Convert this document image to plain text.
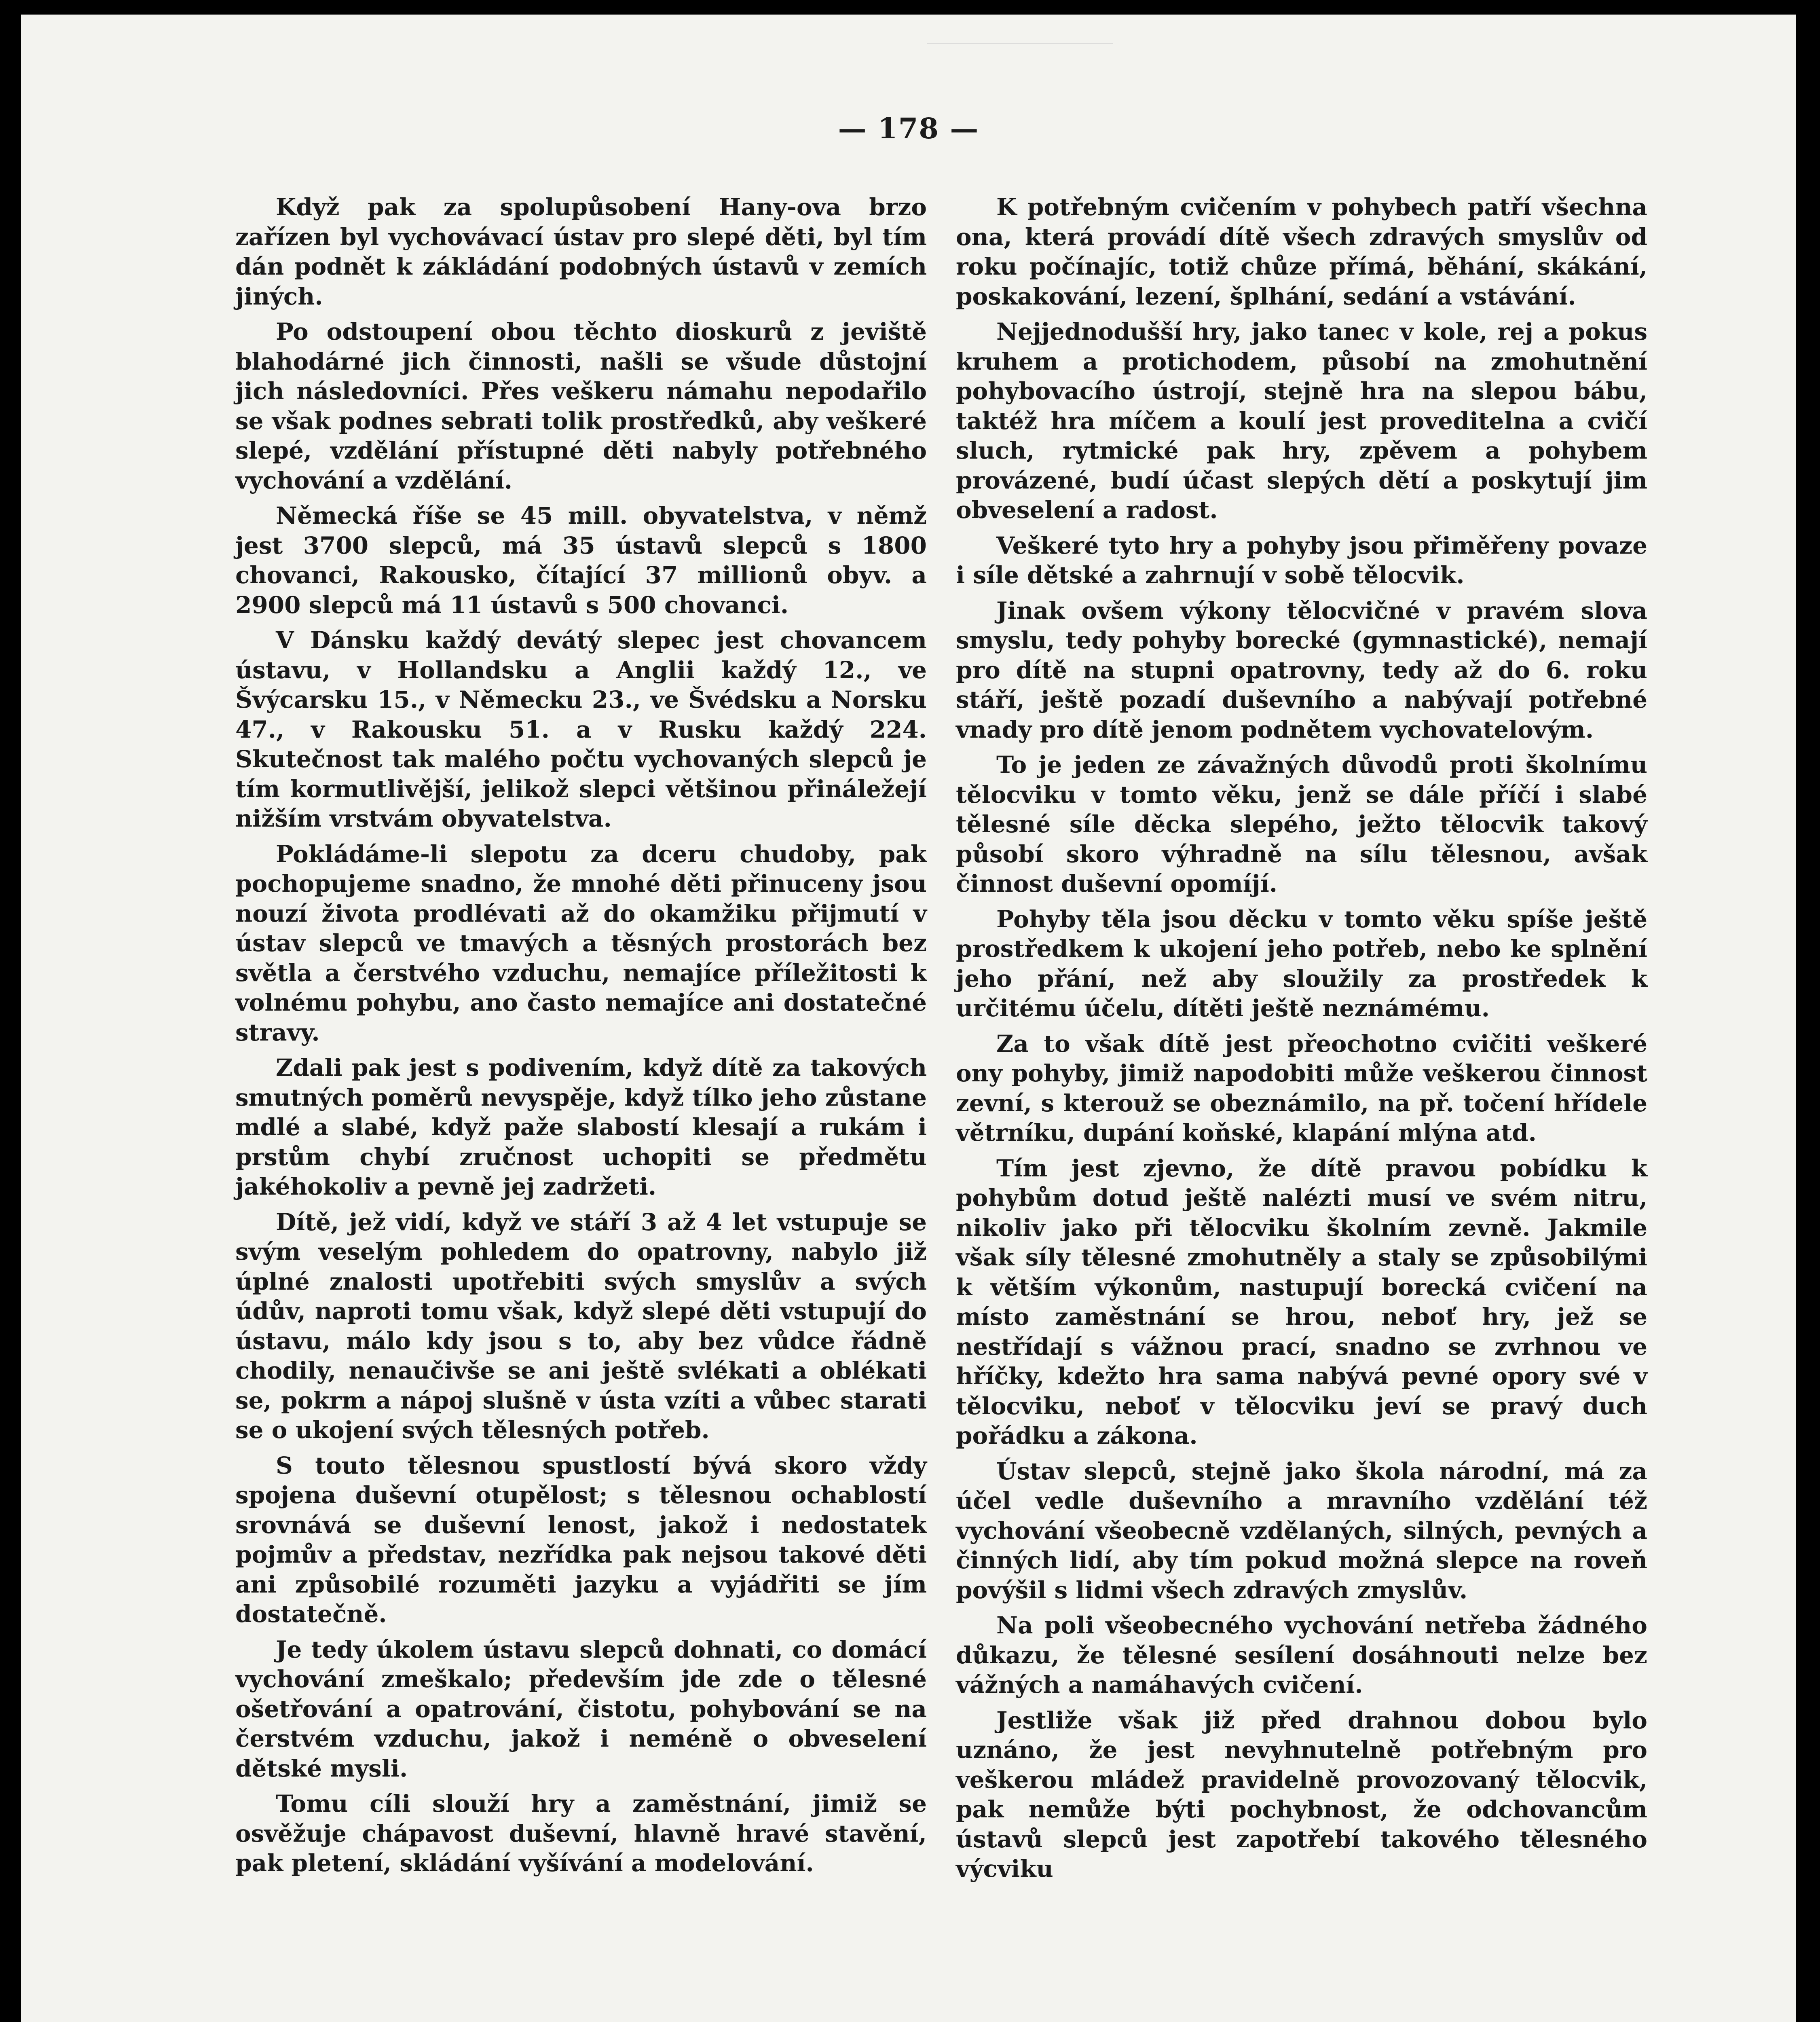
— 178 —

Když pak za spolupůsobení Hany-ova brzo zařízen byl vychovávací ústav pro slepé děti, byl tím dán podnět k zákládání podobných ústavů v zemích jiných.

Po odstoupení obou těchto dioskurů z jeviště blahodárné jich činnosti, našli se všude důstojní jich následovníci. Přes veškeru námahu nepodařilo se však podnes sebrati tolik prostředků, aby veškeré slepé, vzdělání přístupné děti nabyly potřebného vychování a vzdělání.

Německá říše se 45 mill. obyvatelstva, v němž jest 3700 slepců, má 35 ústavů slepců s 1800 chovanci, Rakousko, čítající 37 millionů obyv. a 2900 slepců má 11 ústavů s 500 chovanci.

V Dánsku každý devátý slepec jest chovancem ústavu, v Hollandsku a Anglii každý 12., ve Švýcarsku 15., v Německu 23., ve Švédsku a Norsku 47., v Rakousku 51. a v Rusku každý 224. Skutečnost tak malého počtu vychovaných slepců je tím kormutlivější, jelikož slepci většinou přináležejí nižším vrstvám obyvatelstva.

Pokládáme-li slepotu za dceru chudoby, pak pochopujeme snadno, že mnohé děti přinuceny jsou nouzí života prodlévati až do okamžiku přijmutí v ústav slepců ve tmavých a těsných prostorách bez světla a čerstvého vzduchu, nemajíce příležitosti k volnému pohybu, ano často nemajíce ani dostatečné stravy.

Zdali pak jest s podivením, když dítě za takových smutných poměrů nevyspěje, když tílko jeho zůstane mdlé a slabé, když paže slabostí klesají a rukám i prstům chybí zručnost uchopiti se předmětu jakéhokoliv a pevně jej zadržeti.

Dítě, jež vidí, když ve stáří 3 až 4 let vstupuje se svým veselým pohledem do opatrovny, nabylo již úplné znalosti upotřebiti svých smyslův a svých údův, naproti tomu však, když slepé děti vstupují do ústavu, málo kdy jsou s to, aby bez vůdce řádně chodily, nenaučivše se ani ještě svlékati a oblékati se, pokrm a nápoj slušně v ústa vzíti a vůbec starati se o ukojení svých tělesných potřeb.

S touto tělesnou spustlostí bývá skoro vždy spojena duševní otupělost; s tělesnou ochablostí srovnává se duševní lenost, jakož i nedostatek pojmův a představ, nezřídka pak nejsou takové děti ani způsobilé rozuměti jazyku a vyjádřiti se jím dostatečně.

Je tedy úkolem ústavu slepců dohnati, co domácí vychování zmeškalo; především jde zde o tělesné ošetřování a opatrování, čistotu, pohybování se na čerstvém vzduchu, jakož i neméně o obveselení dětské mysli.

Tomu cíli slouží hry a zaměstnání, jimiž se osvěžuje chápavost duševní, hlavně hravé stavění, pak pletení, skládání vyšívání a modelování.

K potřebným cvičením v pohybech patří všechna ona, která provádí dítě všech zdravých smyslův od roku počínajíc, totiž chůze přímá, běhání, skákání, poskakování, lezení, šplhání, sedání a vstávání.

Nejjednodušší hry, jako tanec v kole, rej a pokus kruhem a protichodem, působí na zmohutnění pohybovacího ústrojí, stejně hra na slepou bábu, taktéž hra míčem a koulí jest proveditelna a cvičí sluch, rytmické pak hry, zpěvem a pohybem provázené, budí účast slepých dětí a poskytují jim obveselení a radost.

Veškeré tyto hry a pohyby jsou přiměřeny povaze i síle dětské a zahrnují v sobě tělocvik.

Jinak ovšem výkony tělocvičné v pravém slova smyslu, tedy pohyby borecké (gymnastické), nemají pro dítě na stupni opatrovny, tedy až do 6. roku stáří, ještě pozadí duševního a nabývají potřebné vnady pro dítě jenom podnětem vychovatelovým.

To je jeden ze závažných důvodů proti školnímu tělocviku v tomto věku, jenž se dále příčí i slabé tělesné síle děcka slepého, ježto tělocvik takový působí skoro výhradně na sílu tělesnou, avšak činnost duševní opomíjí.

Pohyby těla jsou děcku v tomto věku spíše ještě prostředkem k ukojení jeho potřeb, nebo ke splnění jeho přání, než aby sloužily za prostředek k určitému účelu, dítěti ještě neznámému.

Za to však dítě jest přeochotno cvičiti veškeré ony pohyby, jimiž napodobiti může veškerou činnost zevní, s kterouž se obeznámilo, na př. točení hřídele větrníku, dupání koňské, klapání mlýna atd.

Tím jest zjevno, že dítě pravou pobídku k pohybům dotud ještě nalézti musí ve svém nitru, nikoliv jako při tělocviku školním zevně. Jakmile však síly tělesné zmohutněly a staly se způsobilými k větším výkonům, nastupují borecká cvičení na místo zaměstnání se hrou, neboť hry, jež se nestřídají s vážnou prací, snadno se zvrhnou ve hříčky, kdežto hra sama nabývá pevné opory své v tělocviku, neboť v tělocviku jeví se pravý duch pořádku a zákona.

Ústav slepců, stejně jako škola národní, má za účel vedle duševního a mravního vzdělání též vychování všeobecně vzdělaných, silných, pevných a činných lidí, aby tím pokud možná slepce na roveň povýšil s lidmi všech zdravých zmyslův.

Na poli všeobecného vychování netřeba žádného důkazu, že tělesné sesílení dosáhnouti nelze bez vážných a namáhavých cvičení.

Jestliže však již před drahnou dobou bylo uznáno, že jest nevyhnutelně potřebným pro veškerou mládež pravidelně provozovaný tělocvik, pak nemůže býti pochybnost, že odchovancům ústavů slepců jest zapotřebí takového tělesného výcviku
